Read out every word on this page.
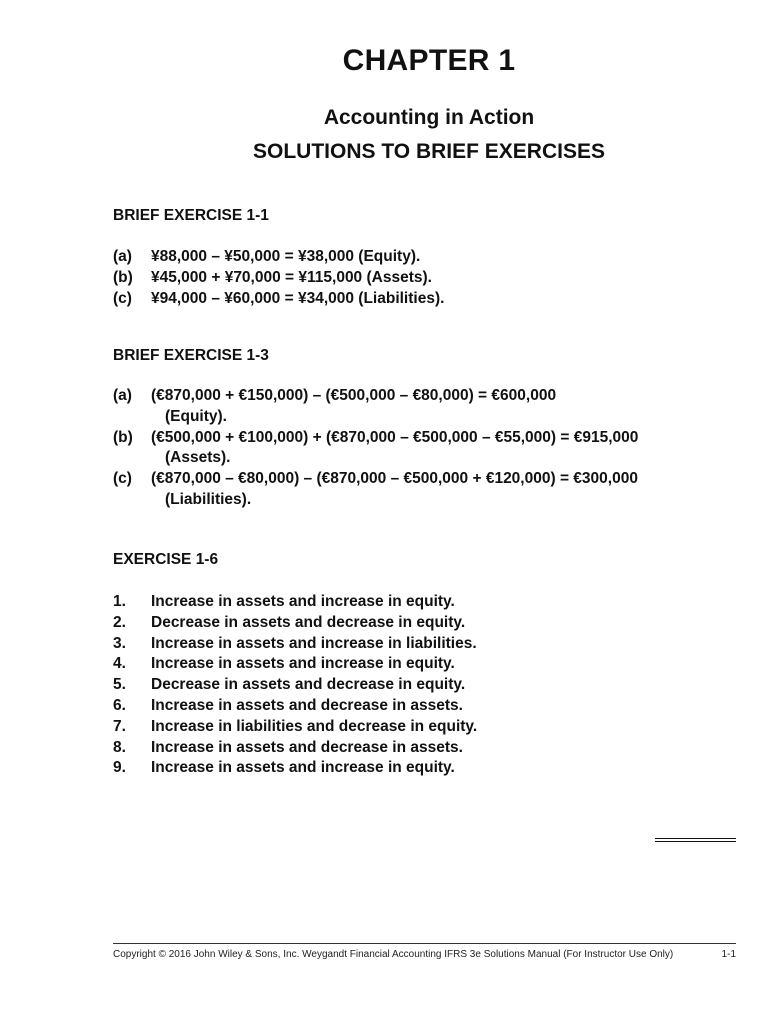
CHAPTER 1
Accounting in Action
SOLUTIONS TO BRIEF EXERCISES
BRIEF EXERCISE 1-1
(a) ¥88,000 – ¥50,000 = ¥38,000 (Equity).
(b) ¥45,000 + ¥70,000 = ¥115,000 (Assets).
(c) ¥94,000 – ¥60,000 = ¥34,000 (Liabilities).
BRIEF EXERCISE 1-3
(a) (€870,000 + €150,000) – (€500,000 – €80,000) = €600,000
(Equity).
(b) (€500,000 + €100,000) + (€870,000 – €500,000 – €55,000) = €915,000
(Assets).
(c) (€870,000 – €80,000) – (€870,000 – €500,000 + €120,000) = €300,000
(Liabilities).
EXERCISE 1-6
1. Increase in assets and increase in equity.
2. Decrease in assets and decrease in equity.
3. Increase in assets and increase in liabilities.
4. Increase in assets and increase in equity.
5. Decrease in assets and decrease in equity.
6. Increase in assets and decrease in assets.
7. Increase in liabilities and decrease in equity.
8. Increase in assets and decrease in assets.
9. Increase in assets and increase in equity.
Copyright © 2016 John Wiley & Sons, Inc. Weygandt Financial Accounting IFRS 3e Solutions Manual (For Instructor Use Only)	1-1
